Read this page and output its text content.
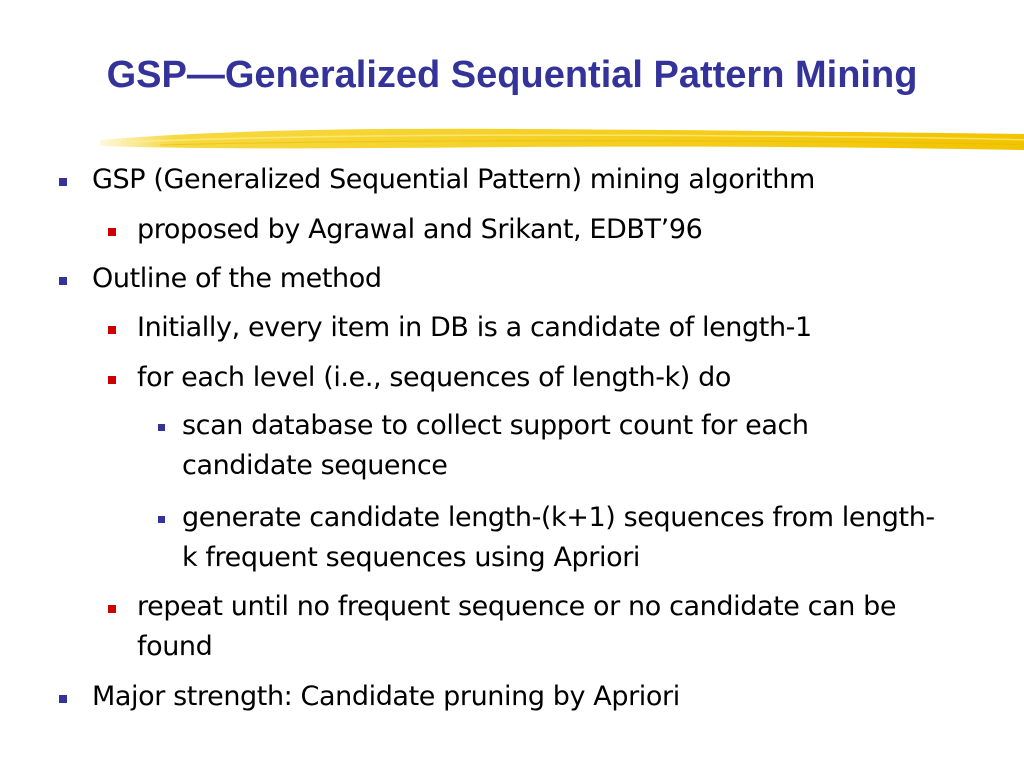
GSP—Generalized Sequential Pattern Mining
GSP (Generalized Sequential Pattern) mining algorithm
proposed by Agrawal and Srikant, EDBT’96
Outline of the method
Initially, every item in DB is a candidate of length-1
for each level (i.e., sequences of length-k) do
scan database to collect support count for each candidate sequence
generate candidate length-(k+1) sequences from length-k frequent sequences using Apriori
repeat until no frequent sequence or no candidate can be found
Major strength: Candidate pruning by Apriori
